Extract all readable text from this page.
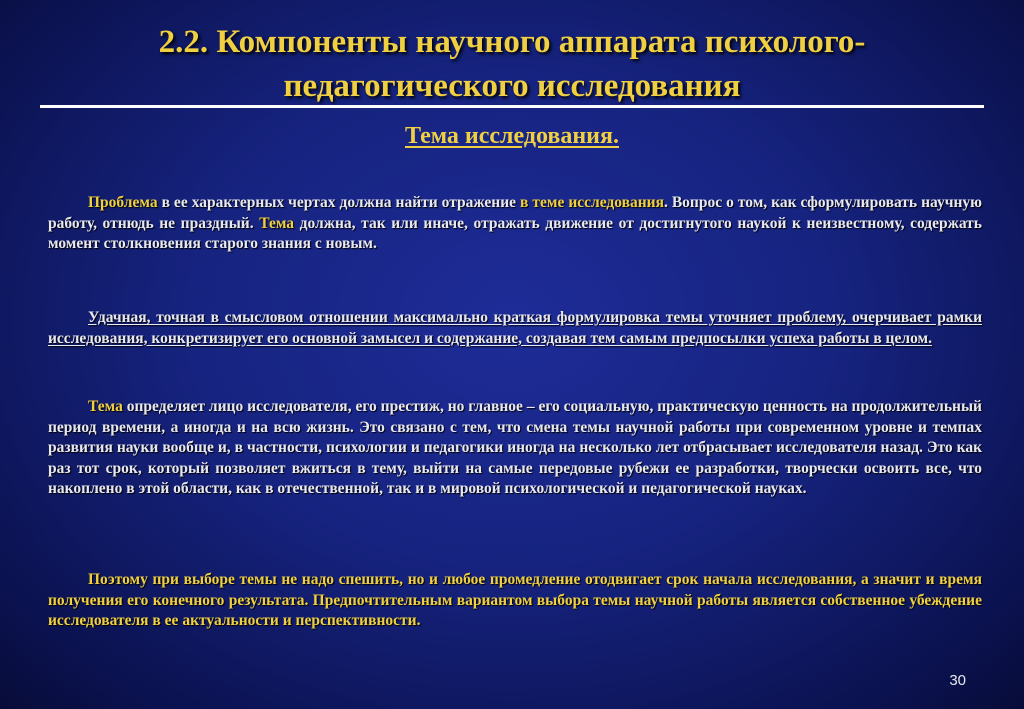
2.2. Компоненты научного аппарата психолого-
педагогического исследования
Тема исследования.

Проблема в ее характерных чертах должна найти отражение в теме исследования. Вопрос о том, как сформулировать научную работу, отнюдь не праздный. Тема должна, так или иначе, отражать движение от достигнутого наукой к неизвестному, содержать момент столкновения старого знания с новым.

Удачная, точная в смысловом отношении максимально краткая формулировка темы уточняет проблему, очерчивает рамки исследования, конкретизирует его основной замысел и содержание, создавая тем самым предпосылки успеха работы в целом.

Тема определяет лицо исследователя, его престиж, но главное – его социальную, практическую ценность на продолжительный период времени, а иногда и на всю жизнь. Это связано с тем, что смена темы научной работы при современном уровне и темпах развития науки вообще и, в частности, психологии и педагогики иногда на несколько лет отбрасывает исследователя назад. Это как раз тот срок, который позволяет вжиться в тему, выйти на самые передовые рубежи ее разработки, творчески освоить все, что накоплено в этой области, как в отечественной, так и в мировой психологической и педагогической науках.

Поэтому при выборе темы не надо спешить, но и любое промедление отодвигает срок начала исследования, а значит и время получения его конечного результата. Предпочтительным вариантом выбора темы научной работы является собственное убеждение исследователя в ее актуальности и перспективности.

30
